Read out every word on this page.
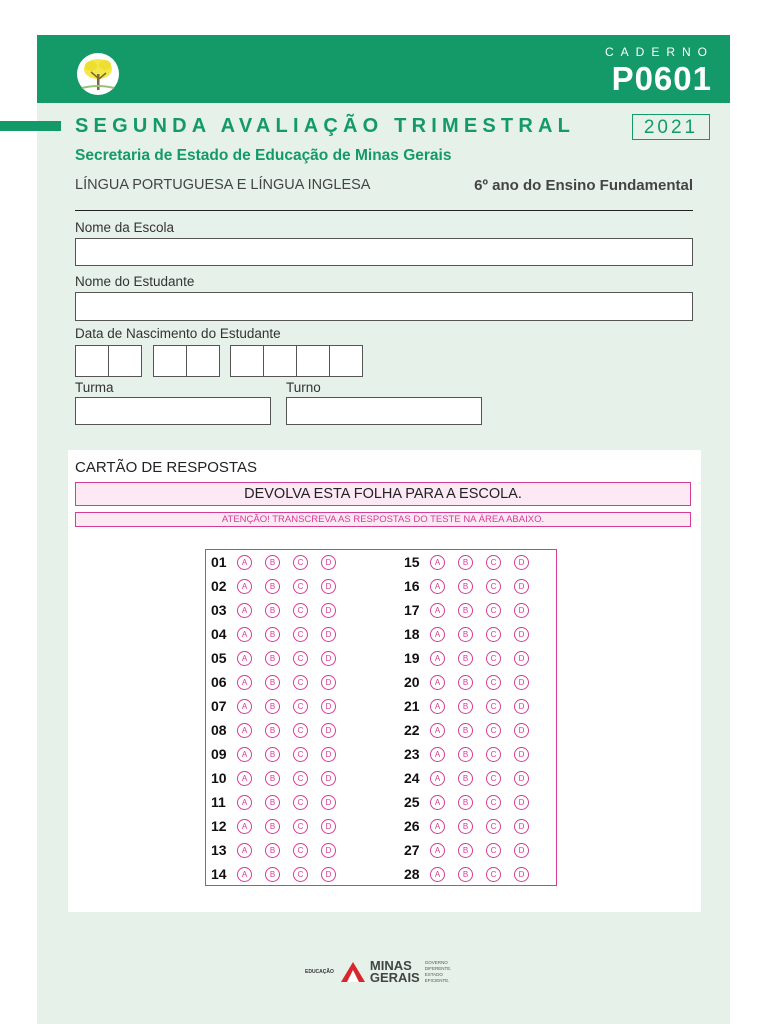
CADERNO
P0601
SEGUNDA AVALIAÇÃO TRIMESTRAL	2021
Secretaria de Estado de Educação de Minas Gerais
LÍNGUA PORTUGUESA E LÍNGUA INGLESA	6º ano do Ensino Fundamental
Nome da Escola
Nome do Estudante
Data de Nascimento do Estudante
Turma	Turno
CARTÃO DE RESPOSTAS
DEVOLVA ESTA FOLHA PARA A ESCOLA.
ATENÇÃO! TRANSCREVA AS RESPOSTAS DO TESTE NA ÁREA ABAIXO.
01	A	B	C	D
02	A	B	C	D
03	A	B	C	D
04	A	B	C	D
05	A	B	C	D
06	A	B	C	D
07	A	B	C	D
08	A	B	C	D
09	A	B	C	D
10	A	B	C	D
11	A	B	C	D
12	A	B	C	D
13	A	B	C	D
14	A	B	C	D
15	A	B	C	D
16	A	B	C	D
17	A	B	C	D
18	A	B	C	D
19	A	B	C	D
20	A	B	C	D
21	A	B	C	D
22	A	B	C	D
23	A	B	C	D
24	A	B	C	D
25	A	B	C	D
26	A	B	C	D
27	A	B	C	D
28	A	B	C	D
EDUCAÇÃO	MINAS
GERAIS
GOVERNO
DIFERENTE.
ESTADO
EFICIENTE.
